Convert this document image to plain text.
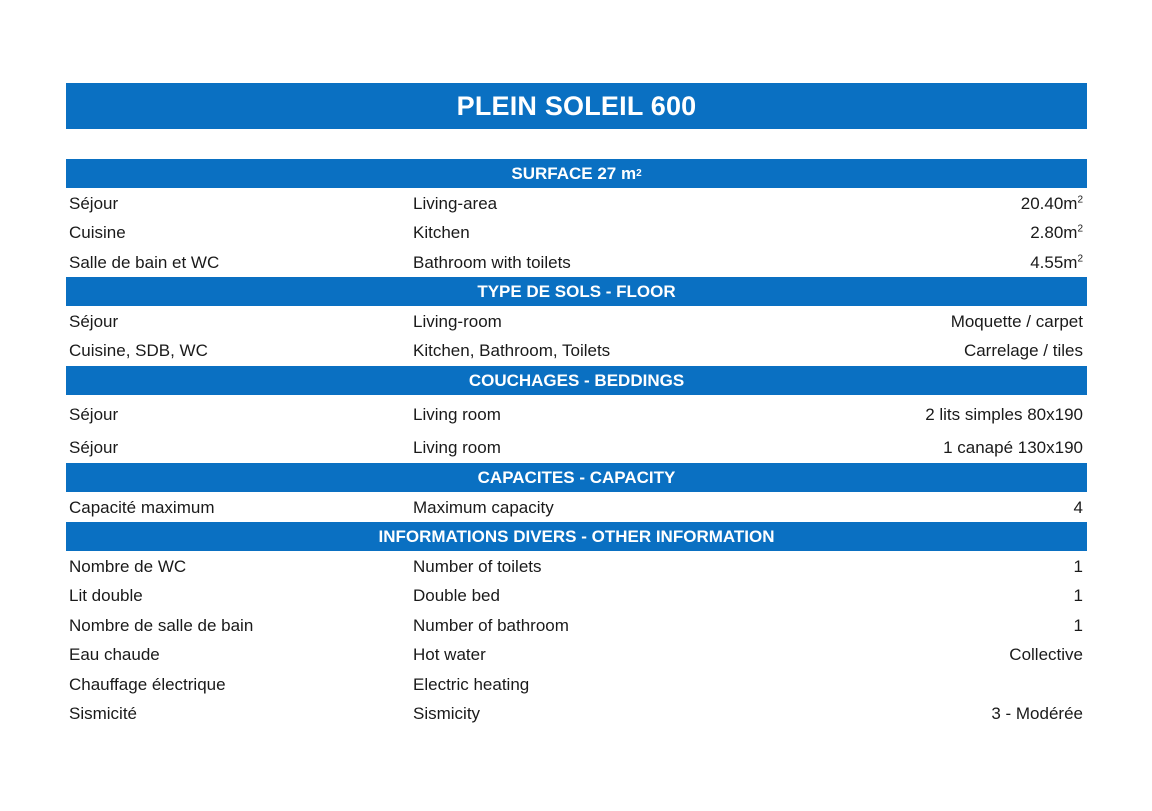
PLEIN SOLEIL 600
SURFACE 27 m 2
Séjour	Living-area	$20.40m^2$
Cuisine	Kitchen	$2.80m^2$
Salle de bain et WC	Bathroom with toilets	$4.55m^2$
TYPE DE SOLS - FLOOR
Séjour	Living-room	Moquette / carpet
Cuisine, SDB, WC	Kitchen, Bathroom, Toilets	Carrelage / tiles
COUCHAGES - BEDDINGS
Séjour	Living room	2 lits simples 80x190
Séjour	Living room	1 canapé 130x190
CAPACITES - CAPACITY
Capacité maximum	Maximum capacity	4
INFORMATIONS DIVERS - OTHER INFORMATION
Nombre de WC	Number of toilets	1
Lit double	Double bed	1
Nombre de salle de bain	Number of bathroom	1
Eau chaude	Hot water	Collective
Chauffage électrique	Electric heating
Sismicité	Sismicity	3 - Modérée
